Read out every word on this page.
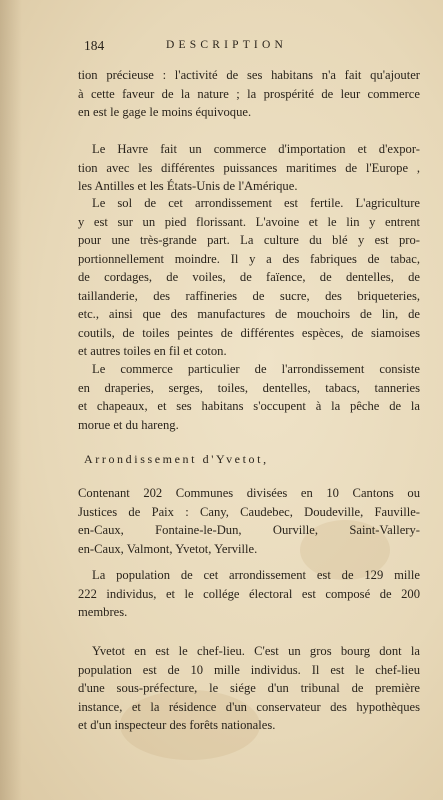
184	DESCRIPTION
tion précieuse : l'activité de ses habitans n'a fait qu'ajouter
à cette faveur de la nature ; la prospérité de leur commerce
en est le gage le moins équivoque.
Le Havre fait un commerce d'importation et d'expor-
tion avec les différentes puissances maritimes de l'Europe ,
les Antilles et les États-Unis de l'Amérique.
Le sol de cet arrondissement est fertile. L'agriculture
y est sur un pied florissant. L'avoine et le lin y entrent
pour une très-grande part. La culture du blé y est pro-
portionnellement moindre. Il y a des fabriques de tabac,
de cordages, de voiles, de faïence, de dentelles, de
taillanderie, des raffineries de sucre, des briqueteries,
etc., ainsi que des manufactures de mouchoirs de lin, de
coutils, de toiles peintes de différentes espèces, de siamoises
et autres toiles en fil et coton.
Le commerce particulier de l'arrondissement consiste
en draperies, serges, toiles, dentelles, tabacs, tanneries
et chapeaux, et ses habitans s'occupent à la pêche de la
morue et du hareng.
Arrondissement d'Yvetot,
Contenant 202 Communes divisées en 10 Cantons ou
Justices de Paix : Cany, Caudebec, Doudeville, Fauville-
en-Caux, Fontaine-le-Dun, Ourville, Saint-Vallery-
en-Caux, Valmont, Yvetot, Yerville.
La population de cet arrondissement est de 129 mille
222 individus, et le collége électoral est composé de 200
membres.
Yvetot en est le chef-lieu. C'est un gros bourg dont la
population est de 10 mille individus. Il est le chef-lieu
d'une sous-préfecture, le siége d'un tribunal de première
instance, et la résidence d'un conservateur des hypothèques
et d'un inspecteur des forêts nationales.
